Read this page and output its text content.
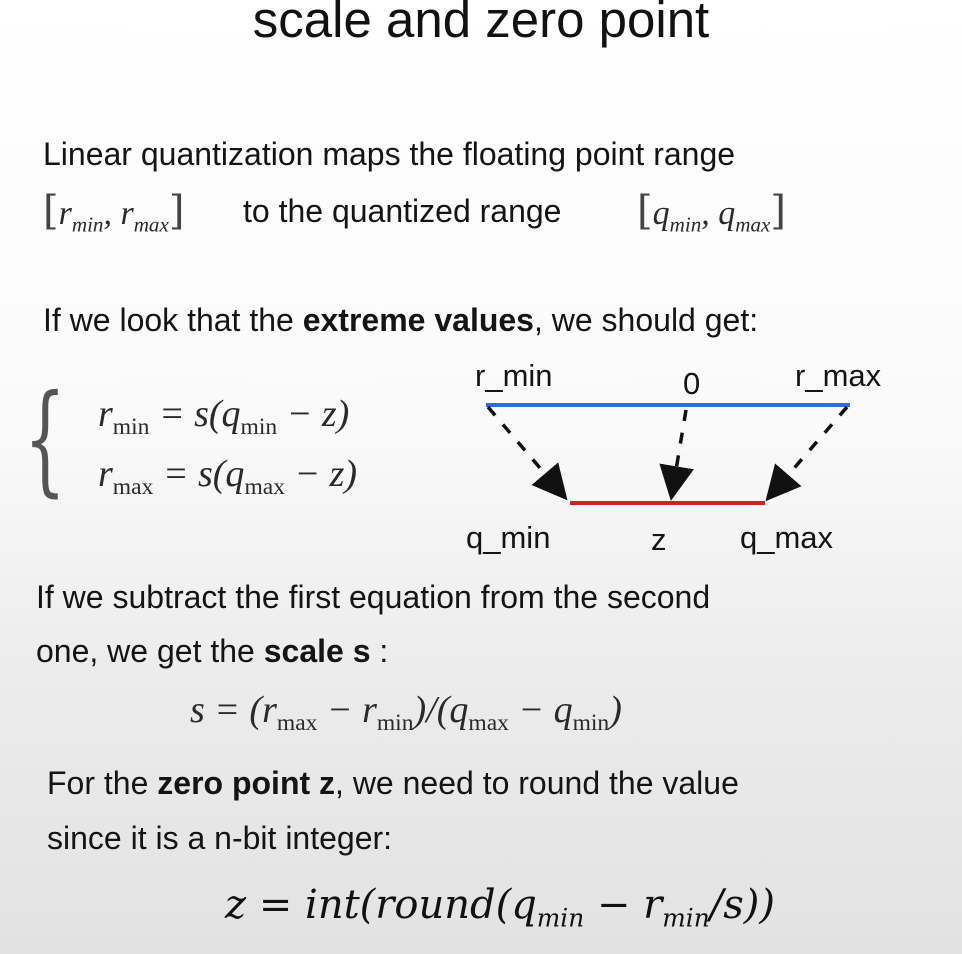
scale and zero point
Linear quantization maps the floating point range
[$r_{min}$, $r_{max}$] to the quantized range [$q_{min}$, $q_{max}$]
If we look that the extreme values, we should get:
{ $r_{min} = s(q_{min} - z)$
$r_{max} = s(q_{max} - z)$
r_min	0	r_max
q_min	z q_max
If we subtract the first equation from the second
one, we get the scale s :
$s = (r_{max} - r_{min})/(q_{max} - q_{min})$
For the zero point z, we need to round the value
since it is a n-bit integer:
$z = int(round(q_{min} - r_{min}/s))$
